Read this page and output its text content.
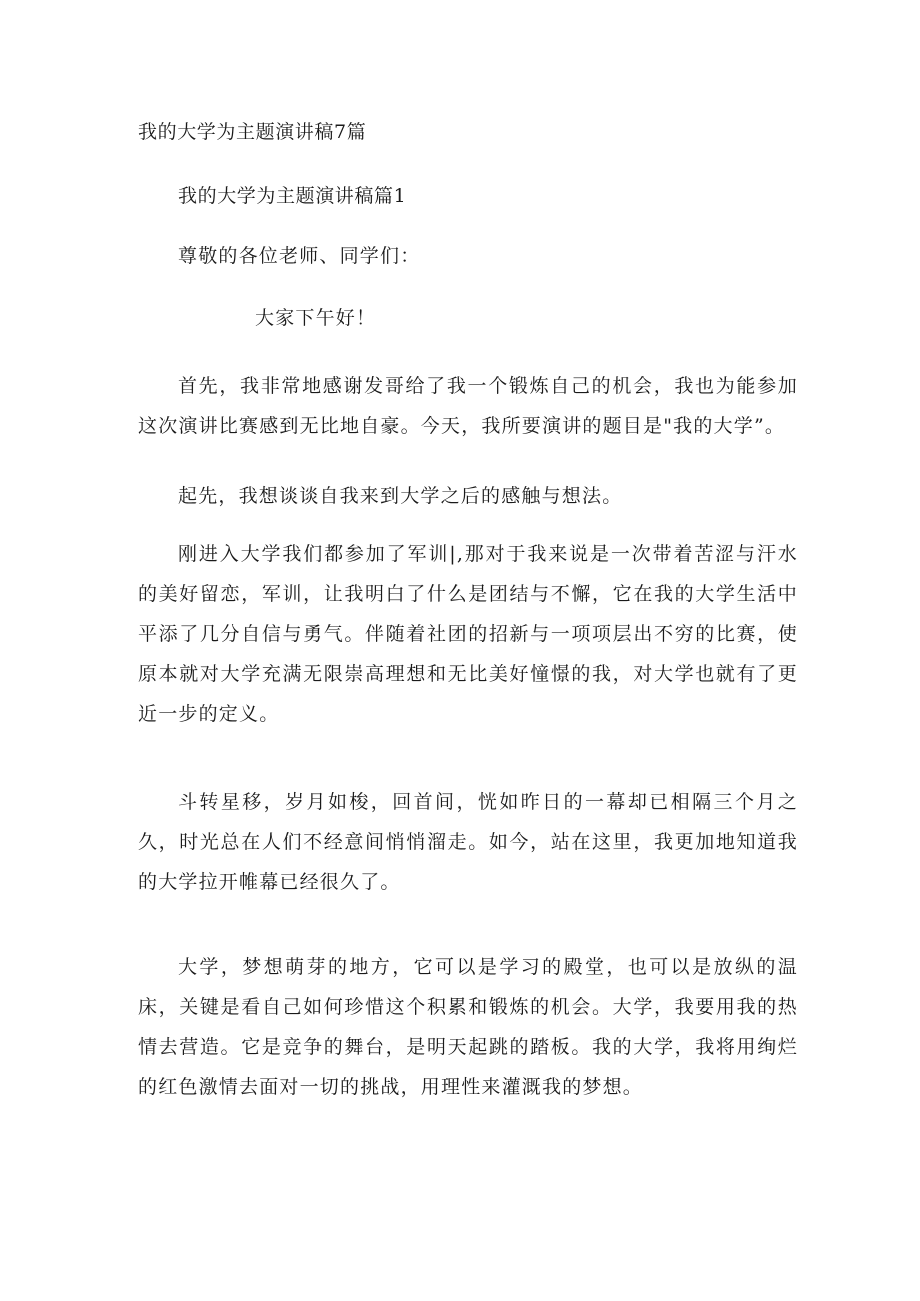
我的大学为主题演讲稿7篇

我的大学为主题演讲稿篇1

尊敬的各位老师、同学们：

大家下午好！

首先，我非常地感谢发哥给了我一个锻炼自己的机会，我也为能参加这次演讲比赛感到无比地自豪。今天，我所要演讲的题目是"我的大学”。

起先，我想谈谈自我来到大学之后的感触与想法。

刚进入大学我们都参加了军训|,那对于我来说是一次带着苦涩与汗水的美好留恋，军训，让我明白了什么是团结与不懈，它在我的大学生活中平添了几分自信与勇气。伴随着社团的招新与一项项层出不穷的比赛，使原本就对大学充满无限崇高理想和无比美好憧憬的我，对大学也就有了更近一步的定义。

斗转星移，岁月如梭，回首间，恍如昨日的一幕却已相隔三个月之久，时光总在人们不经意间悄悄溜走。如今，站在这里，我更加地知道我的大学拉开帷幕已经很久了。

大学，梦想萌芽的地方，它可以是学习的殿堂，也可以是放纵的温床，关键是看自己如何珍惜这个积累和锻炼的机会。大学，我要用我的热情去营造。它是竞争的舞台，是明天起跳的踏板。我的大学，我将用绚烂的红色激情去面对一切的挑战，用理性来灌溉我的梦想。
